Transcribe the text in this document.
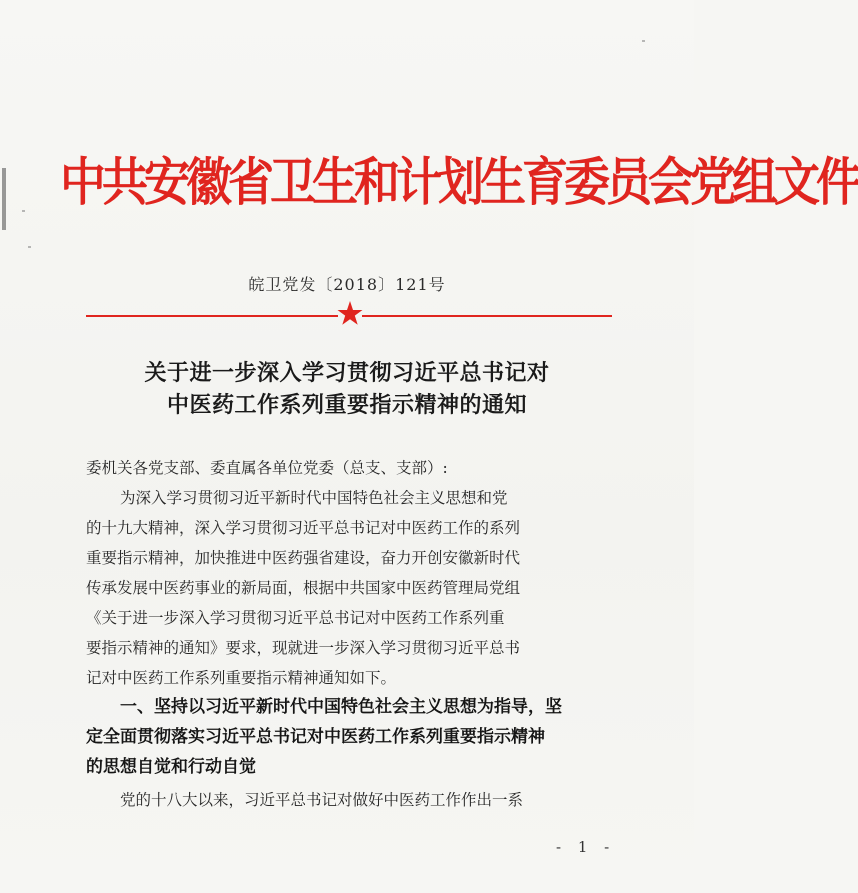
中共安徽省卫生和计划生育委员会党组文件
皖卫党发〔2018〕121号
关于进一步深入学习贯彻习近平总书记对
中医药工作系列重要指示精神的通知
委机关各党支部、委直属各单位党委（总支、支部）:
为深入学习贯彻习近平新时代中国特色社会主义思想和党
的十九大精神，深入学习贯彻习近平总书记对中医药工作的系列
重要指示精神，加快推进中医药强省建设，奋力开创安徽新时代
传承发展中医药事业的新局面，根据中共国家中医药管理局党组
《关于进一步深入学习贯彻习近平总书记对中医药工作系列重
要指示精神的通知》要求，现就进一步深入学习贯彻习近平总书
记对中医药工作系列重要指示精神通知如下。
一、坚持以习近平新时代中国特色社会主义思想为指导，坚
定全面贯彻落实习近平总书记对中医药工作系列重要指示精神
的思想自觉和行动自觉
党的十八大以来，习近平总书记对做好中医药工作作出一系
- 1 -
